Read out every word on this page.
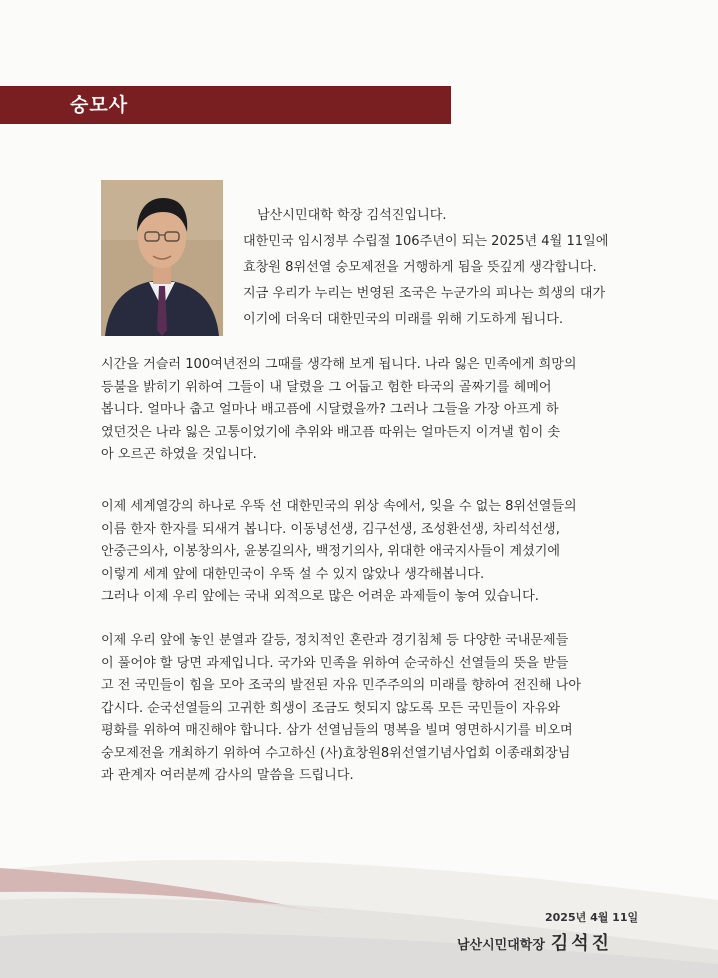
숭모사
남산시민대학 학장 김석진입니다.
대한민국 임시정부 수립절 106주년이 되는 2025년 4월 11일에
효창원 8위선열 숭모제전을 거행하게 됨을 뜻깊게 생각합니다.
지금 우리가 누리는 번영된 조국은 누군가의 피나는 희생의 대가
이기에 더욱더 대한민국의 미래를 위해 기도하게 됩니다.
시간을 거슬러 100여년전의 그때를 생각해 보게 됩니다. 나라 잃은 민족에게 희망의
등불을 밝히기 위하여 그들이 내 달렸을 그 어둡고 험한 타국의 골짜기를 헤메어
봅니다. 얼마나 춥고 얼마나 배고픔에 시달렸을까? 그러나 그들을 가장 아프게 하
였던것은 나라 잃은 고통이었기에 추위와 배고픔 따위는 얼마든지 이겨낼 힘이 솟
아 오르곤 하였을 것입니다.
이제 세계열강의 하나로 우뚝 선 대한민국의 위상 속에서, 잊을 수 없는 8위선열들의
이름 한자 한자를 되새겨 봅니다. 이동녕선생, 김구선생, 조성환선생, 차리석선생,
안중근의사, 이봉창의사, 윤봉길의사, 백정기의사, 위대한 애국지사들이 계셨기에
이렇게 세계 앞에 대한민국이 우뚝 설 수 있지 않았나 생각해봅니다.
그러나 이제 우리 앞에는 국내 외적으로 많은 어려운 과제들이 놓여 있습니다.
이제 우리 앞에 놓인 분열과 갈등, 정치적인 혼란과 경기침체 등 다양한 국내문제들
이 풀어야 할 당면 과제입니다. 국가와 민족을 위하여 순국하신 선열들의 뜻을 받들
고 전 국민들이 힘을 모아 조국의 발전된 자유 민주주의의 미래를 향하여 전진해 나아
갑시다. 순국선열들의 고귀한 희생이 조금도 헛되지 않도록 모든 국민들이 자유와
평화를 위하여 매진해야 합니다. 삼가 선열님들의 명복을 빌며 영면하시기를 비오며
숭모제전을 개최하기 위하여 수고하신 (사)효창원8위선열기념사업회 이종래회장님
과 관계자 여러분께 감사의 말씀을 드립니다.
2025년 4월 11일
남산시민대학장 김석진
